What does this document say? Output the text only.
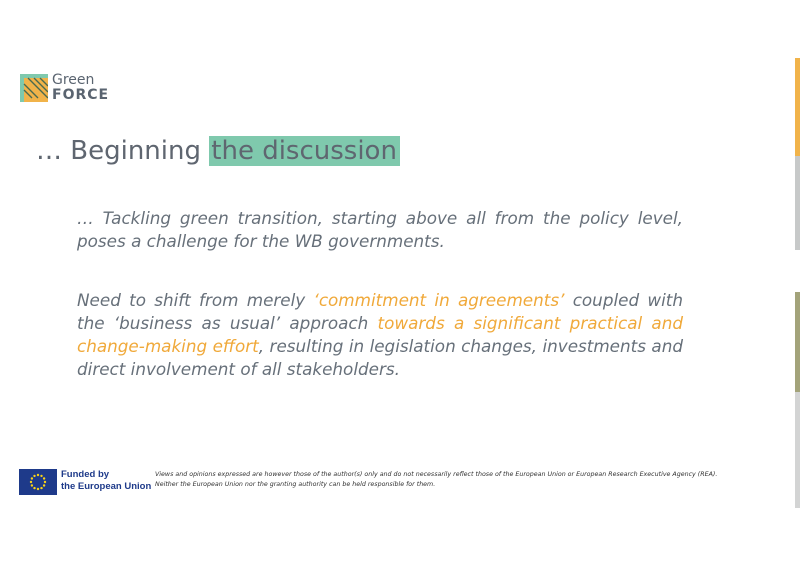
Green
FORCE
… Beginning the discussion

… Tackling green transition, starting above all from the policy level, poses a challenge for the WB governments.

Need to shift from merely ‘commitment in agreements’ coupled with the ‘business as usual’ approach towards a significant practical and change-making effort, resulting in legislation changes, investments and direct involvement of all stakeholders.

Funded by
the European Union

Views and opinions expressed are however those of the author(s) only and do not necessarily reflect those of the European Union or European Research Executive Agency (REA). Neither the European Union nor the granting authority can be held responsible for them.
